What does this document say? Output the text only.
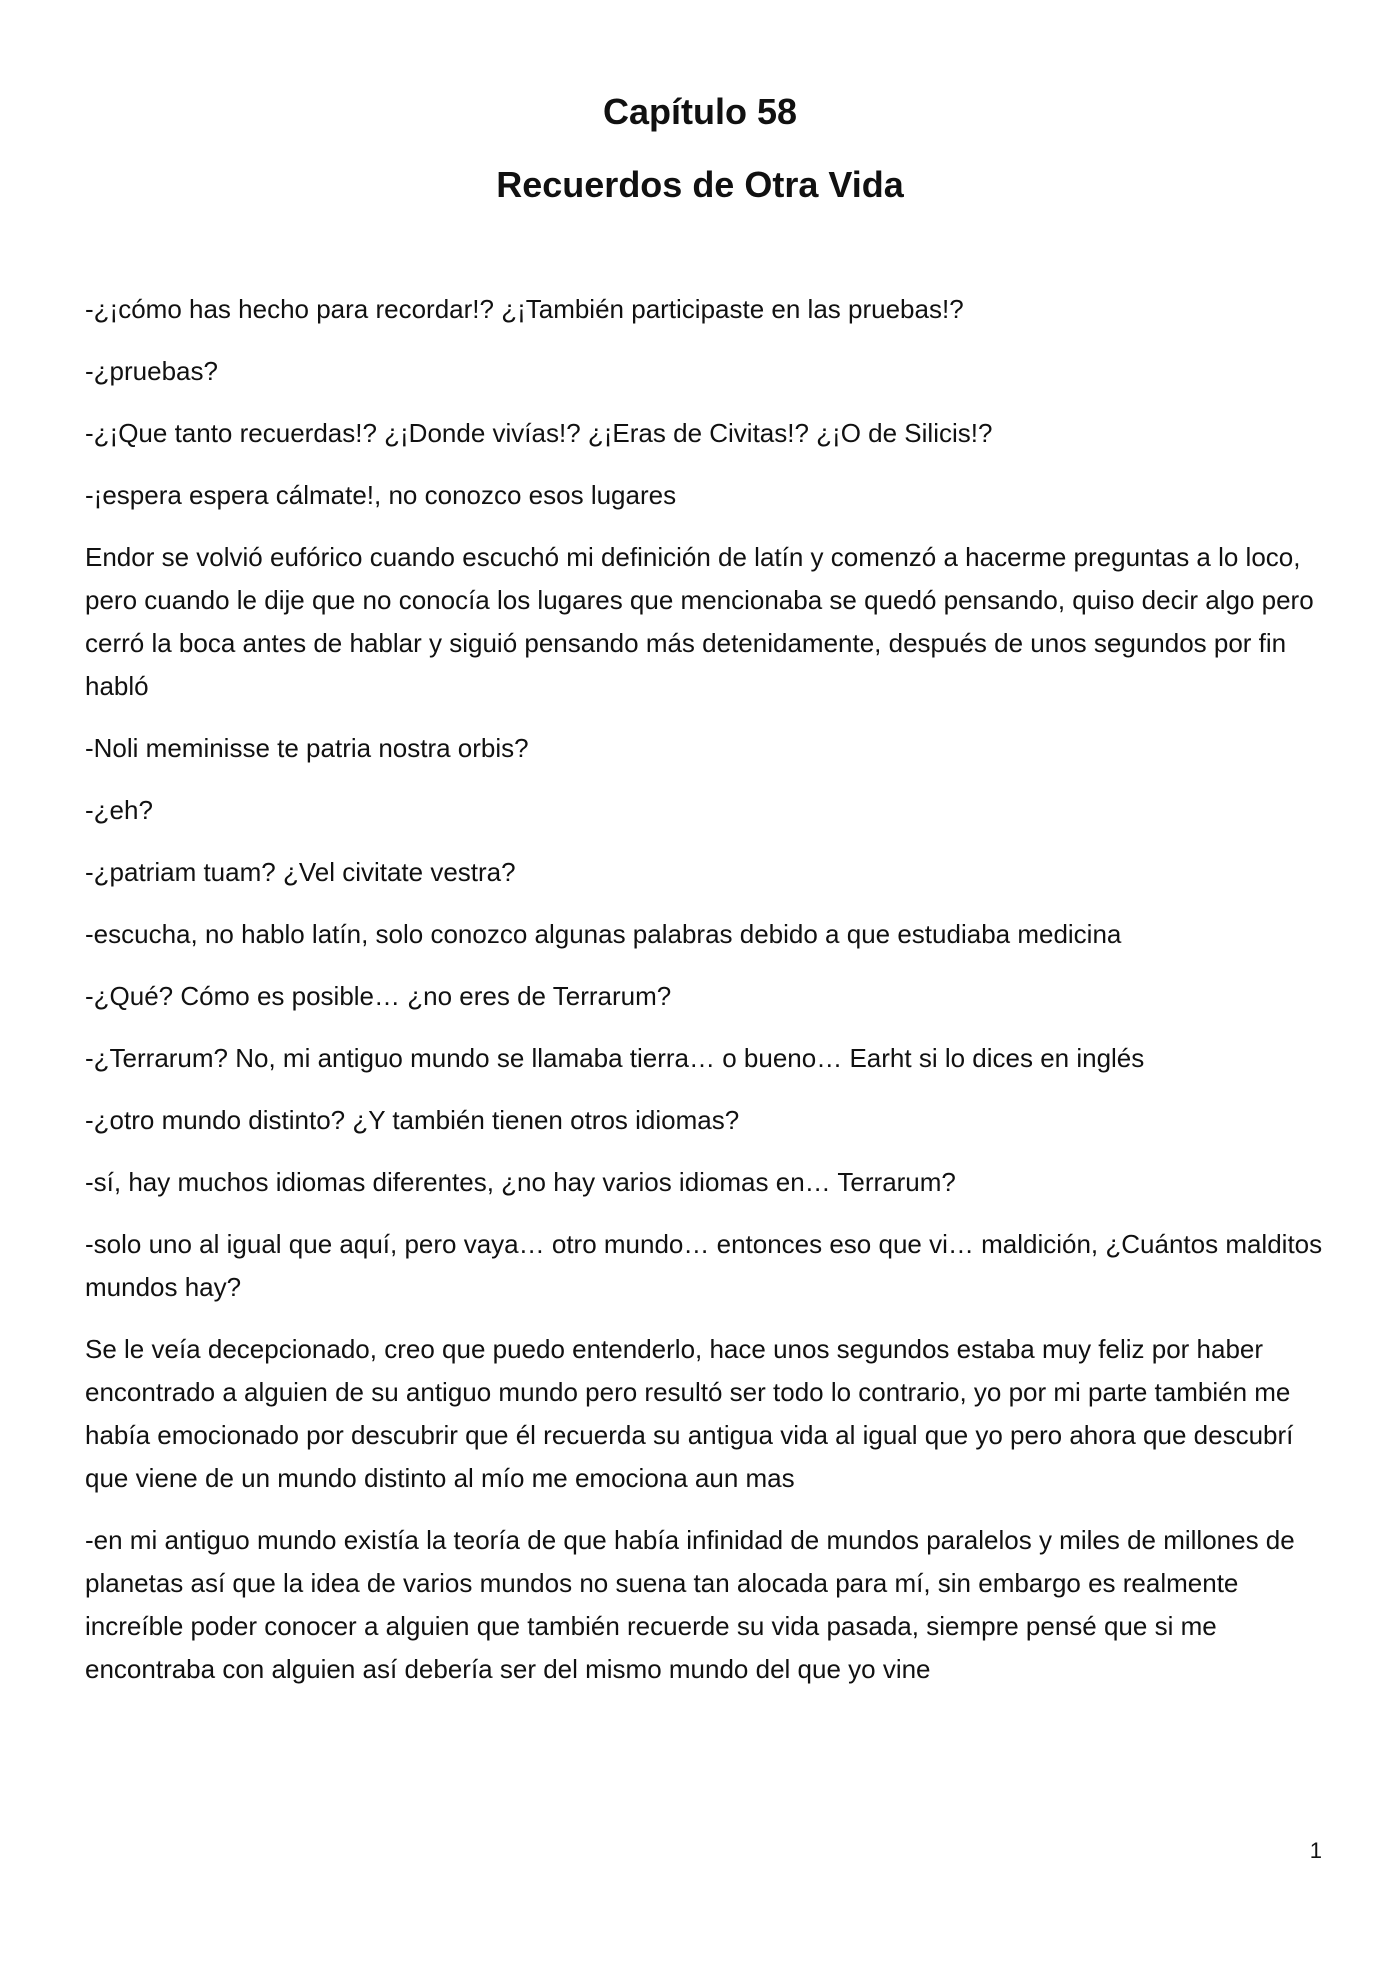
Capítulo 58
Recuerdos de Otra Vida

-¿¡cómo has hecho para recordar!? ¿¡También participaste en las pruebas!?

-¿pruebas?

-¿¡Que tanto recuerdas!? ¿¡Donde vivías!? ¿¡Eras de Civitas!? ¿¡O de Silicis!?

-¡espera espera cálmate!, no conozco esos lugares

Endor se volvió eufórico cuando escuchó mi definición de latín y comenzó a hacerme preguntas a lo loco, pero cuando le dije que no conocía los lugares que mencionaba se quedó pensando, quiso decir algo pero cerró la boca antes de hablar y siguió pensando más detenidamente, después de unos segundos por fin habló

-Noli meminisse te patria nostra orbis?

-¿eh?

-¿patriam tuam? ¿Vel civitate vestra?

-escucha, no hablo latín, solo conozco algunas palabras debido a que estudiaba medicina

-¿Qué? Cómo es posible… ¿no eres de Terrarum?

-¿Terrarum? No, mi antiguo mundo se llamaba tierra… o bueno… Earht si lo dices en inglés

-¿otro mundo distinto? ¿Y también tienen otros idiomas?

-sí, hay muchos idiomas diferentes, ¿no hay varios idiomas en… Terrarum?

-solo uno al igual que aquí, pero vaya… otro mundo… entonces eso que vi… maldición, ¿Cuántos malditos mundos hay?

Se le veía decepcionado, creo que puedo entenderlo, hace unos segundos estaba muy feliz por haber encontrado a alguien de su antiguo mundo pero resultó ser todo lo contrario, yo por mi parte también me había emocionado por descubrir que él recuerda su antigua vida al igual que yo pero ahora que descubrí que viene de un mundo distinto al mío me emociona aun mas

-en mi antiguo mundo existía la teoría de que había infinidad de mundos paralelos y miles de millones de planetas así que la idea de varios mundos no suena tan alocada para mí, sin embargo es realmente increíble poder conocer a alguien que también recuerde su vida pasada, siempre pensé que si me encontraba con alguien así debería ser del mismo mundo del que yo vine

1
